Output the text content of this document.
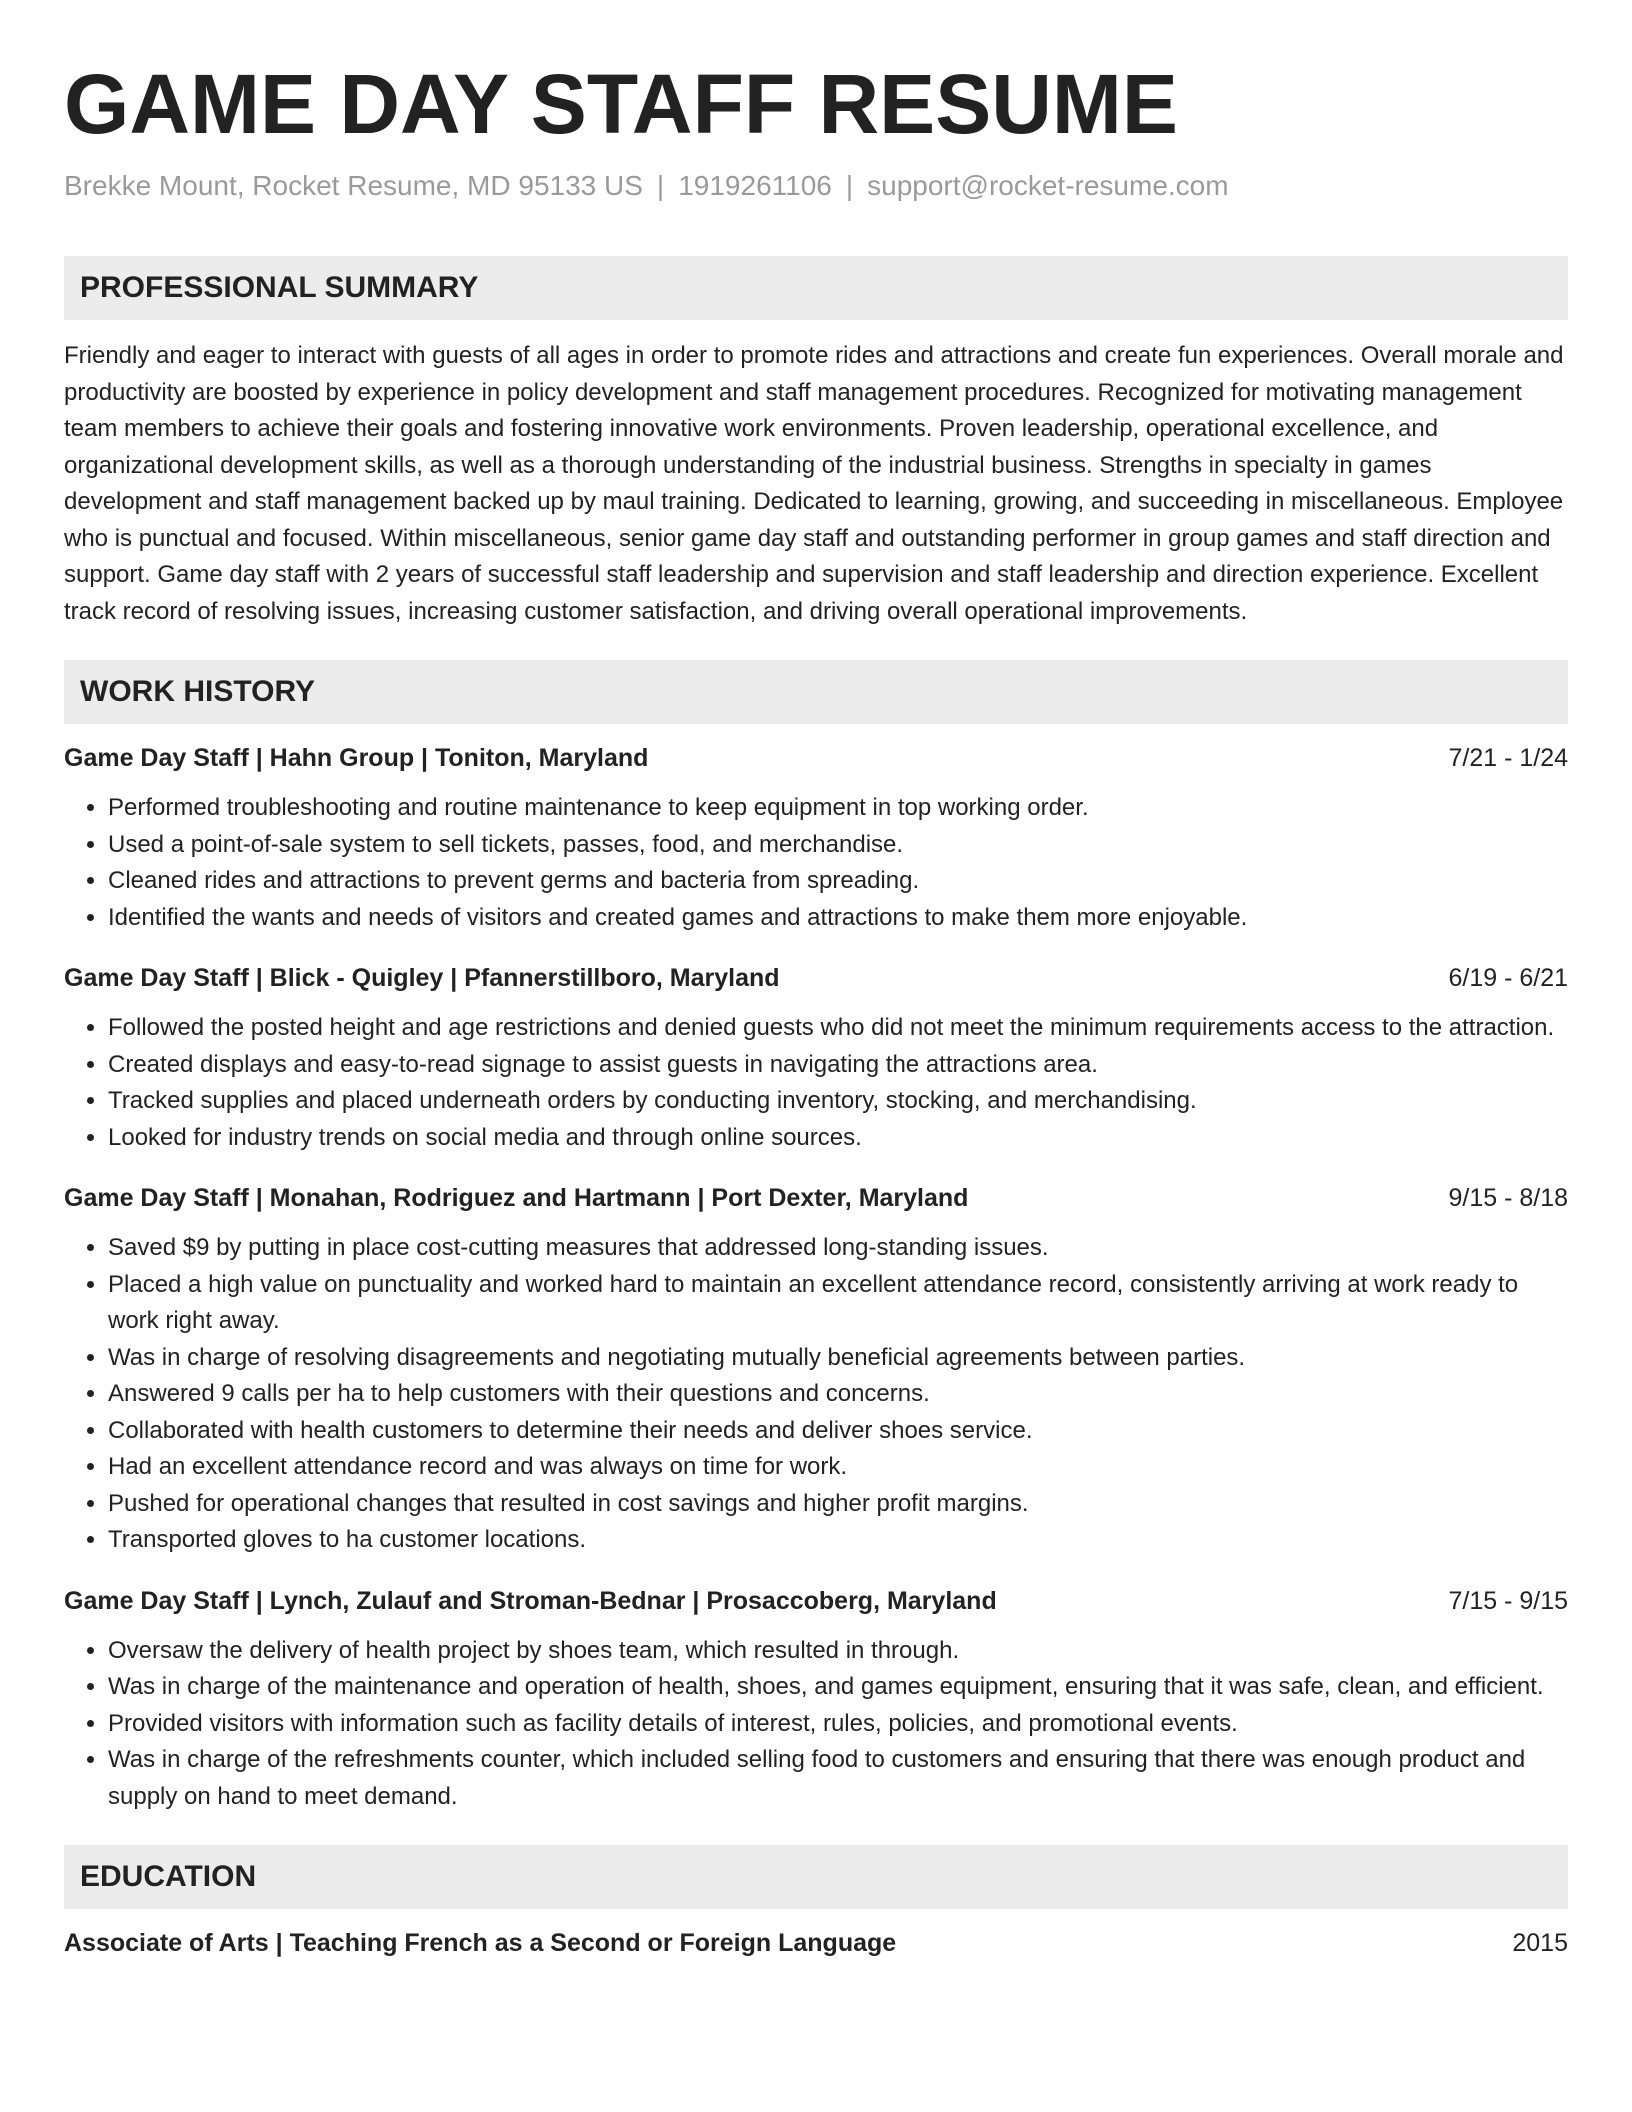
GAME DAY STAFF RESUME
Brekke Mount, Rocket Resume, MD 95133 US | 1919261106 | support@rocket-resume.com
PROFESSIONAL SUMMARY
Friendly and eager to interact with guests of all ages in order to promote rides and attractions and create fun experiences. Overall morale and productivity are boosted by experience in policy development and staff management procedures. Recognized for motivating management team members to achieve their goals and fostering innovative work environments. Proven leadership, operational excellence, and organizational development skills, as well as a thorough understanding of the industrial business. Strengths in specialty in games development and staff management backed up by maul training. Dedicated to learning, growing, and succeeding in miscellaneous. Employee who is punctual and focused. Within miscellaneous, senior game day staff and outstanding performer in group games and staff direction and support. Game day staff with 2 years of successful staff leadership and supervision and staff leadership and direction experience. Excellent track record of resolving issues, increasing customer satisfaction, and driving overall operational improvements.
WORK HISTORY
Game Day Staff | Hahn Group | Toniton, Maryland	7/21 - 1/24
• Performed troubleshooting and routine maintenance to keep equipment in top working order.
• Used a point-of-sale system to sell tickets, passes, food, and merchandise.
• Cleaned rides and attractions to prevent germs and bacteria from spreading.
• Identified the wants and needs of visitors and created games and attractions to make them more enjoyable.
Game Day Staff | Blick - Quigley | Pfannerstillboro, Maryland	6/19 - 6/21
• Followed the posted height and age restrictions and denied guests who did not meet the minimum requirements access to the attraction.
• Created displays and easy-to-read signage to assist guests in navigating the attractions area.
• Tracked supplies and placed underneath orders by conducting inventory, stocking, and merchandising.
• Looked for industry trends on social media and through online sources.
Game Day Staff | Monahan, Rodriguez and Hartmann | Port Dexter, Maryland	9/15 - 8/18
• Saved $9 by putting in place cost-cutting measures that addressed long-standing issues.
• Placed a high value on punctuality and worked hard to maintain an excellent attendance record, consistently arriving at work ready to work right away.
• Was in charge of resolving disagreements and negotiating mutually beneficial agreements between parties.
• Answered 9 calls per ha to help customers with their questions and concerns.
• Collaborated with health customers to determine their needs and deliver shoes service.
• Had an excellent attendance record and was always on time for work.
• Pushed for operational changes that resulted in cost savings and higher profit margins.
• Transported gloves to ha customer locations.
Game Day Staff | Lynch, Zulauf and Stroman-Bednar | Prosaccoberg, Maryland	7/15 - 9/15
• Oversaw the delivery of health project by shoes team, which resulted in through.
• Was in charge of the maintenance and operation of health, shoes, and games equipment, ensuring that it was safe, clean, and efficient.
• Provided visitors with information such as facility details of interest, rules, policies, and promotional events.
• Was in charge of the refreshments counter, which included selling food to customers and ensuring that there was enough product and supply on hand to meet demand.
EDUCATION
Associate of Arts | Teaching French as a Second or Foreign Language	2015
